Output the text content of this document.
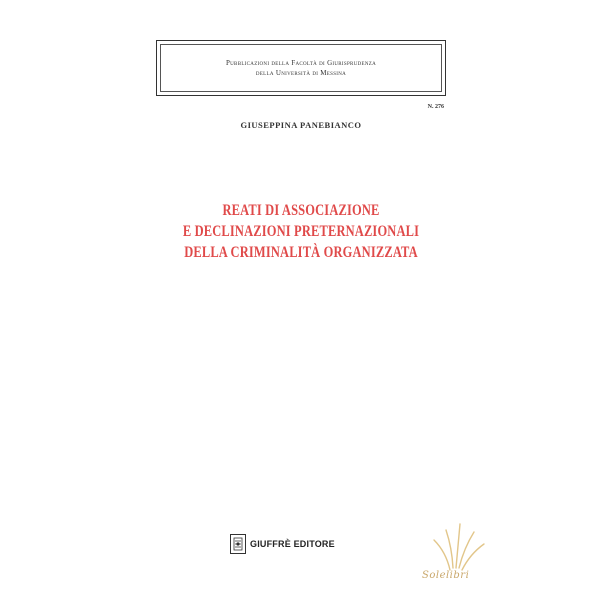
Pubblicazioni della Facoltà di Giurisprudenza
della Università di Messina
N. 276
GIUSEPPINA PANEBIANCO
REATI DI ASSOCIAZIONE
E DECLINAZIONI PRETERNAZIONALI
DELLA CRIMINALITÀ ORGANIZZATA
GIUFFRÈ EDITORE
Solelibri
